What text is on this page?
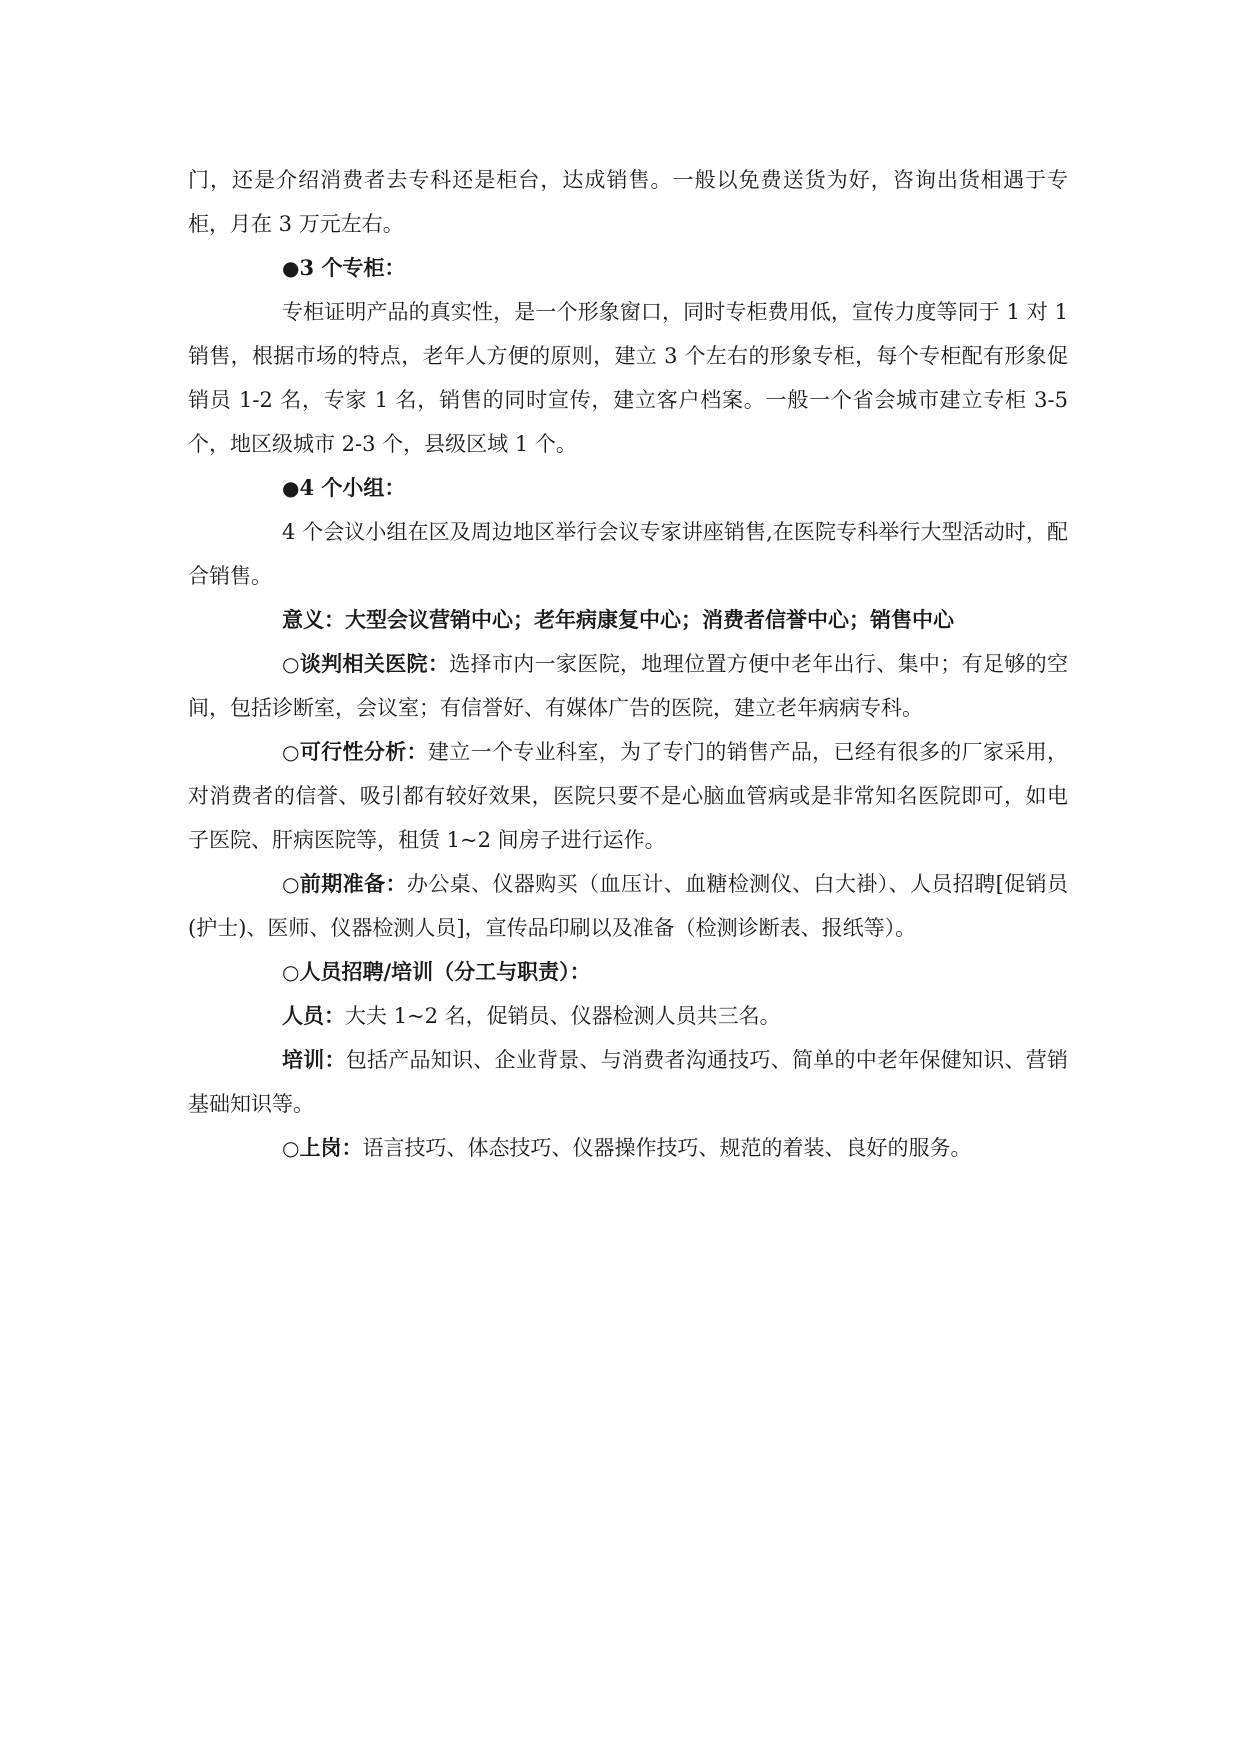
门，还是介绍消费者去专科还是柜台，达成销售。一般以免费送货为好，咨询出货相遇于专柜，月在 3 万元左右。

●3 个专柜：

专柜证明产品的真实性，是一个形象窗口，同时专柜费用低，宣传力度等同于 1 对 1 销售，根据市场的特点，老年人方便的原则，建立 3 个左右的形象专柜，每个专柜配有形象促销员 1-2 名，专家 1 名，销售的同时宣传，建立客户档案。一般一个省会城市建立专柜 3-5 个，地区级城市 2-3 个，县级区域 1 个。

●4 个小组：

4 个会议小组在区及周边地区举行会议专家讲座销售,在医院专科举行大型活动时，配合销售。

意义：大型会议营销中心；老年病康复中心；消费者信誉中心；销售中心

○谈判相关医院：选择市内一家医院，地理位置方便中老年出行、集中；有足够的空间，包括诊断室，会议室；有信誉好、有媒体广告的医院，建立老年病病专科。

○可行性分析：建立一个专业科室，为了专门的销售产品，已经有很多的厂家采用，对消费者的信誉、吸引都有较好效果，医院只要不是心脑血管病或是非常知名医院即可，如电子医院、肝病医院等，租赁 1~2 间房子进行运作。

○前期准备：办公桌、仪器购买（血压计、血糖检测仪、白大褂）、人员招聘[促销员(护士)、医师、仪器检测人员]，宣传品印刷以及准备（检测诊断表、报纸等）。

○人员招聘/培训（分工与职责）：

人员：大夫 1~2 名，促销员、仪器检测人员共三名。

培训：包括产品知识、企业背景、与消费者沟通技巧、简单的中老年保健知识、营销基础知识等。

○上岗：语言技巧、体态技巧、仪器操作技巧、规范的着装、良好的服务。
